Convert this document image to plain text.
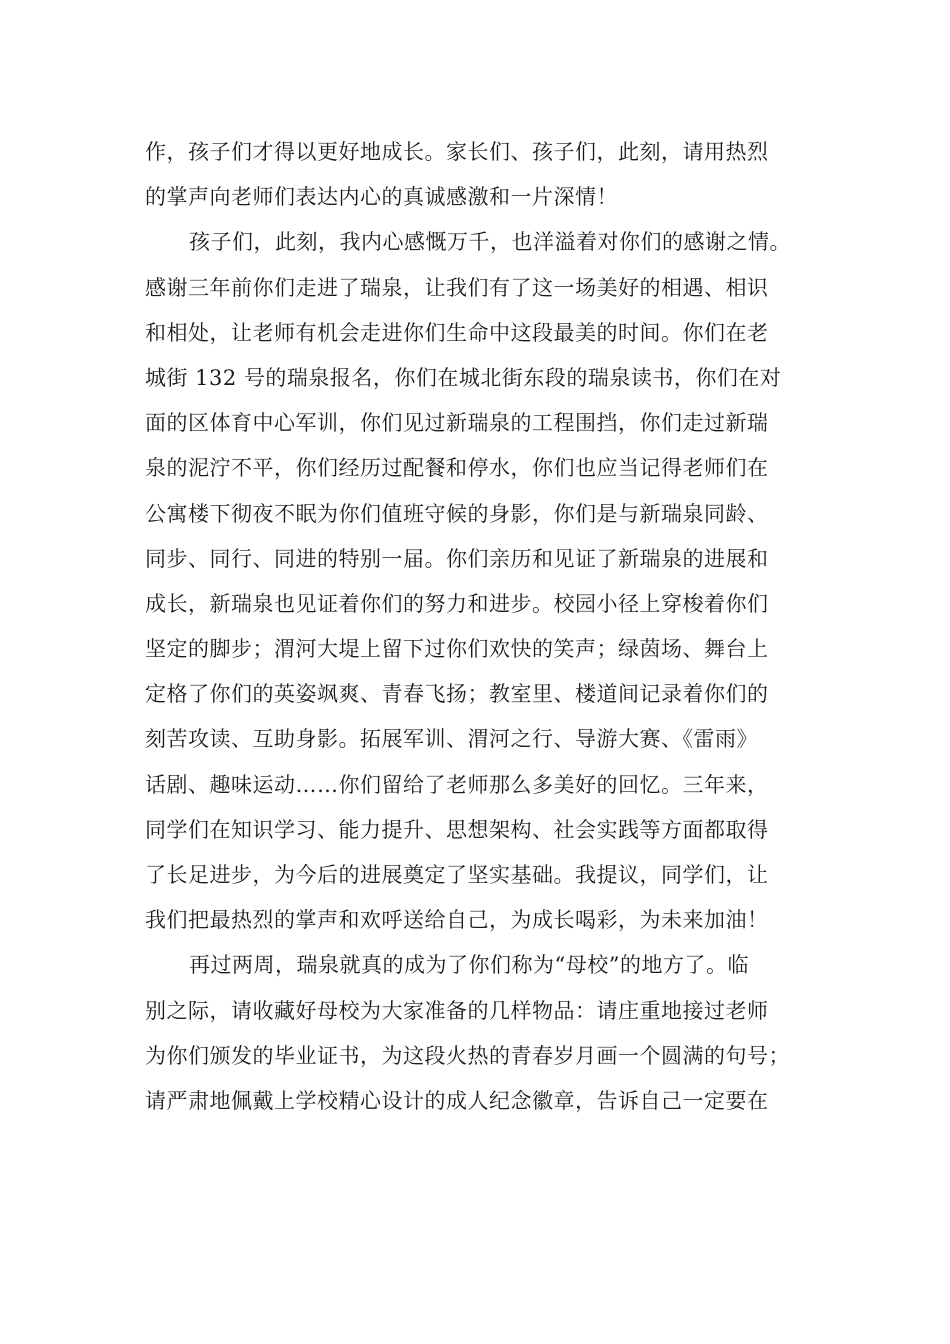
作，孩子们才得以更好地成长。家长们、孩子们，此刻，请用热烈
的掌声向老师们表达内心的真诚感激和一片深情！
孩子们，此刻，我内心感慨万千，也洋溢着对你们的感谢之情。
感谢三年前你们走进了瑞泉，让我们有了这一场美好的相遇、相识
和相处，让老师有机会走进你们生命中这段最美的时间。你们在老
城街 132 号的瑞泉报名，你们在城北街东段的瑞泉读书，你们在对
面的区体育中心军训，你们见过新瑞泉的工程围挡，你们走过新瑞
泉的泥泞不平，你们经历过配餐和停水，你们也应当记得老师们在
公寓楼下彻夜不眠为你们值班守候的身影，你们是与新瑞泉同龄、
同步、同行、同进的特别一届。你们亲历和见证了新瑞泉的进展和
成长，新瑞泉也见证着你们的努力和进步。校园小径上穿梭着你们
坚定的脚步；渭河大堤上留下过你们欢快的笑声；绿茵场、舞台上
定格了你们的英姿飒爽、青春飞扬；教室里、楼道间记录着你们的
刻苦攻读、互助身影。拓展军训、渭河之行、导游大赛、《雷雨》
话剧、趣味运动……你们留给了老师那么多美好的回忆。三年来，
同学们在知识学习、能力提升、思想架构、社会实践等方面都取得
了长足进步，为今后的进展奠定了坚实基础。我提议，同学们，让
我们把最热烈的掌声和欢呼送给自己，为成长喝彩，为未来加油！
再过两周，瑞泉就真的成为了你们称为“母校”的地方了。临
别之际，请收藏好母校为大家准备的几样物品：请庄重地接过老师
为你们颁发的毕业证书，为这段火热的青春岁月画一个圆满的句号；
请严肃地佩戴上学校精心设计的成人纪念徽章，告诉自己一定要在
